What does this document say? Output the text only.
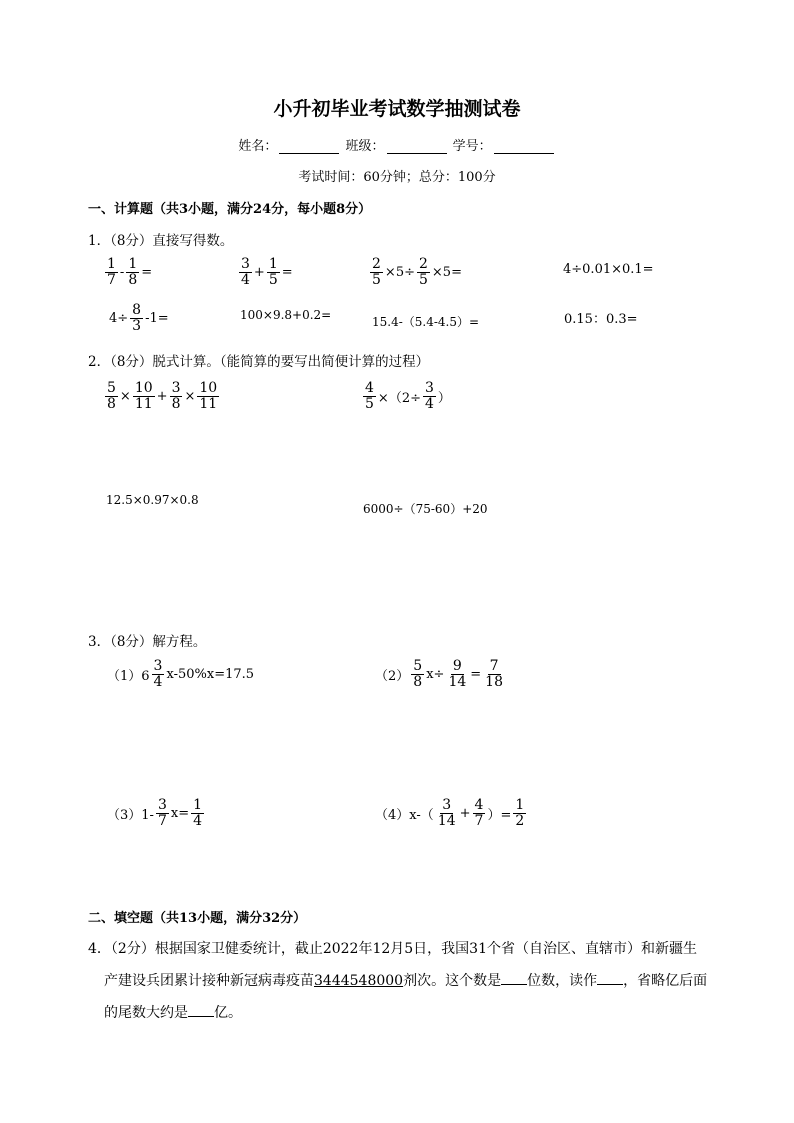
小升初毕业考试数学抽测试卷
姓名：	班级：	学号：
考试时间：60分钟；总分：100分
一、计算题（共3小题，满分24分，每小题8分）
1．（8分）直接写得数。
$\frac{1}{7} - \frac{1}{8}$ =	$\frac{3}{4} + \frac{1}{5}$ =	$\frac{2}{5} \times 5\div \frac{2}{5} \times 5=$	4÷0.01×0.1=
$4\div \frac{8}{3} -1=$	100×9.8+0.2=	15.4-（5.4-4.5）=	0.15：0.3=
2．（8分）脱式计算。（能简算的要写出简便计算的过程）
$\frac{5}{8} \times \frac{10}{11} + \frac{3}{8} \times \frac{10}{11}$	$\frac{4}{5} \times(2\div \frac{3}{4}$ ）
12.5×0.97×0.8
6000÷（75-60）+20
3．（8分）解方程。
$(1)6 \frac{3}{4} x-50\%x=17.5$	$(2) \frac{5}{8} x\div \frac{9}{14} = \frac{7}{18}$
$(3)1- \frac{3}{7} x= \frac{1}{4}$	$(4)x-( \frac{3}{14} + \frac{4}{7}$ ）= $\frac{1}{2}$
二、填空题（共13小题，满分32分）
4．（2分）根据国家卫健委统计，截止2022年12月5日，我国31个省（自治区、直辖市）和新疆生
产建设兵团累计接种新冠病毒疫苗3444548000剂次。这个数是 位数，读作 ，省略亿后面
的尾数大约是 亿。
